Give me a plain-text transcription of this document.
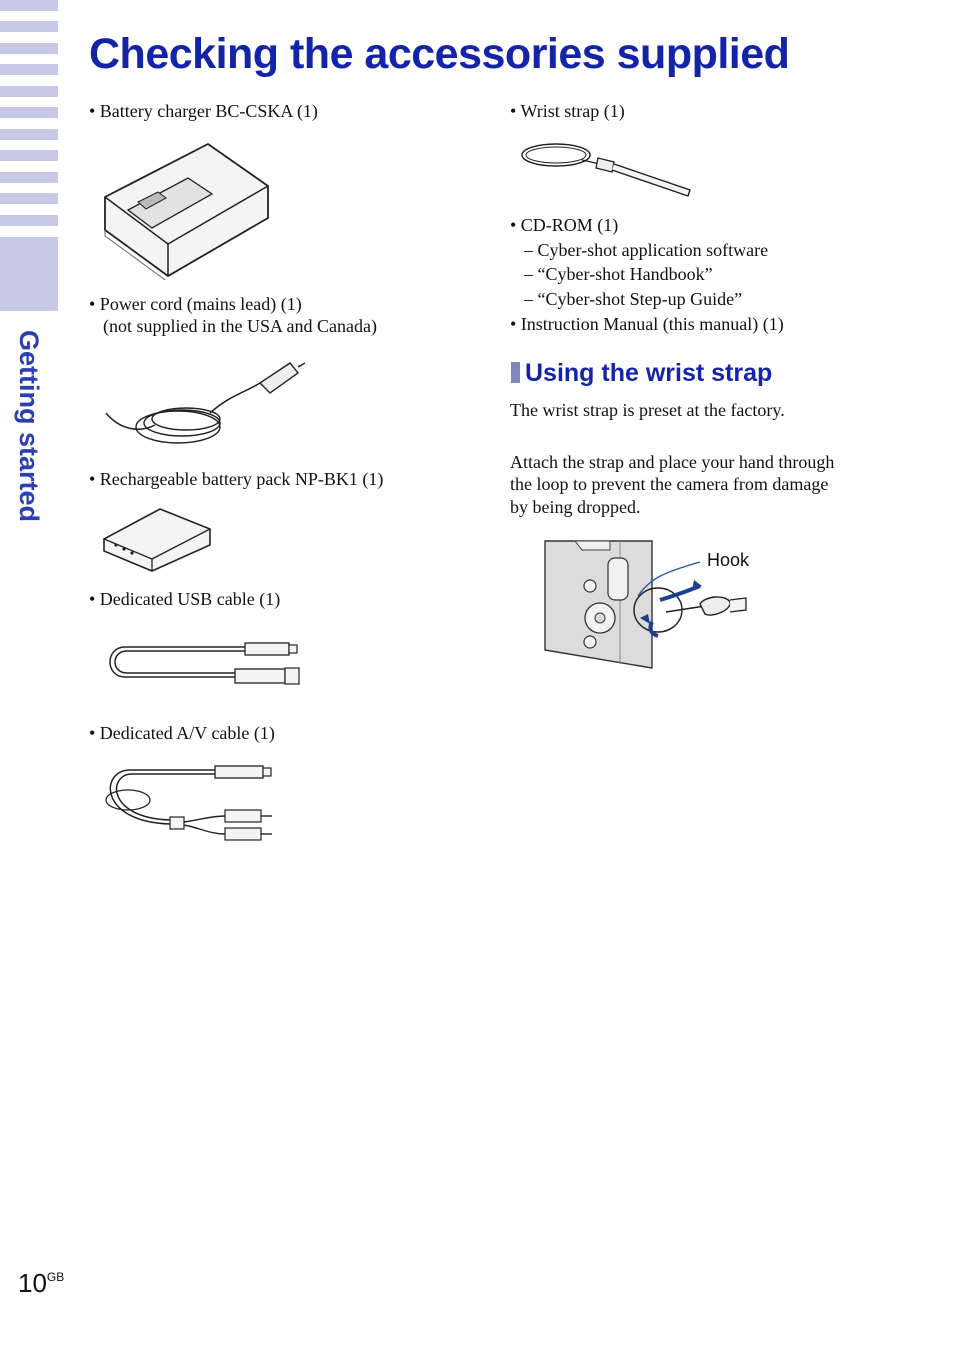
Getting started
Checking the accessories supplied
• Battery charger BC-CSKA (1)
• Power cord (mains lead) (1)
(not supplied in the USA and Canada)
• Rechargeable battery pack NP-BK1 (1)
• Dedicated USB cable (1)
• Dedicated A/V cable (1)
• Wrist strap (1)
• CD-ROM (1)
– Cyber-shot application software
– “Cyber-shot Handbook”
– “Cyber-shot Step-up Guide”
• Instruction Manual (this manual) (1)
Using the wrist strap
The wrist strap is preset at the factory.
Attach the strap and place your hand through
the loop to prevent the camera from damage
by being dropped.
Hook
$10^{GB}$
